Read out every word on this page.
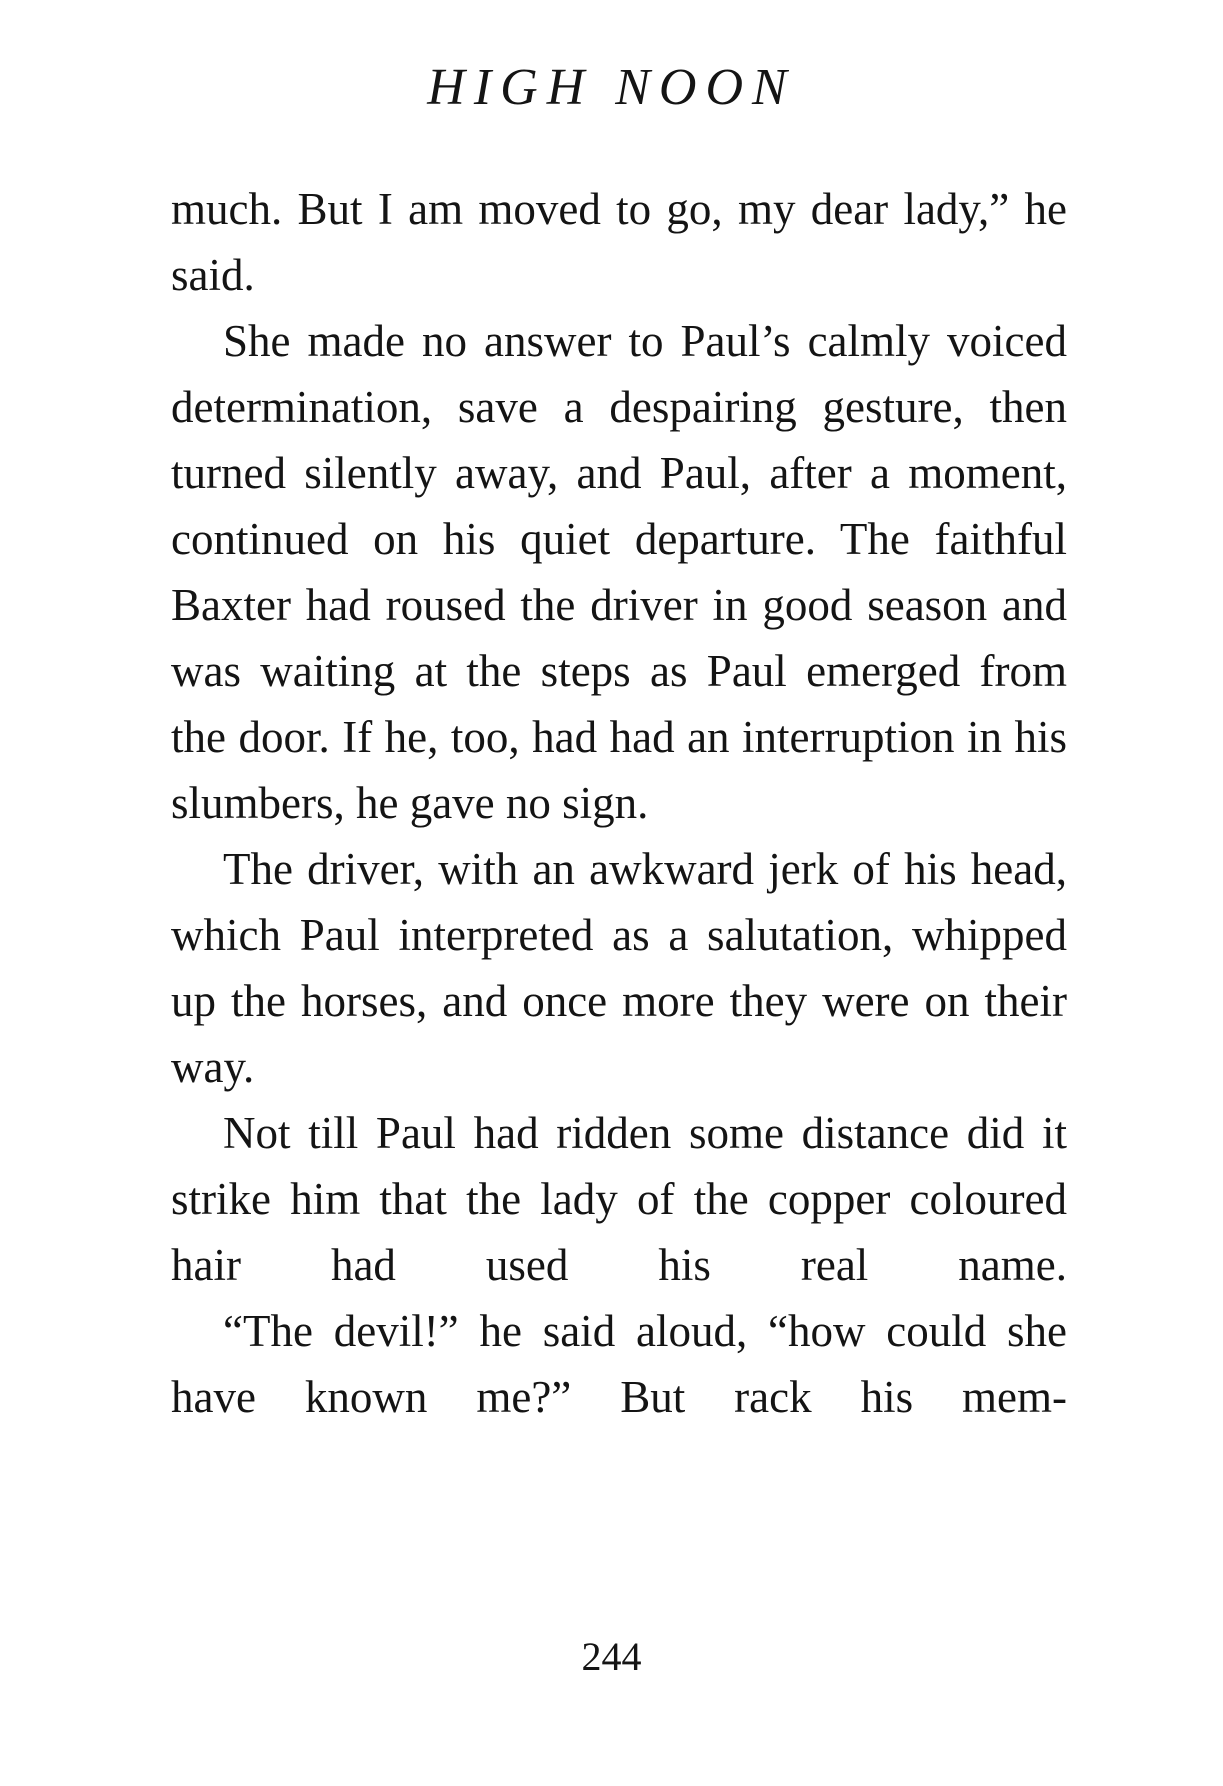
HIGH NOON

much. But I am moved to go, my dear lady,” he said.

She made no answer to Paul’s calmly voiced determination, save a despairing gesture, then turned silently away, and Paul, after a moment, continued on his quiet departure. The faithful Baxter had roused the driver in good season and was waiting at the steps as Paul emerged from the door. If he, too, had had an interruption in his slumbers, he gave no sign.

The driver, with an awkward jerk of his head, which Paul interpreted as a salutation, whipped up the horses, and once more they were on their way.

Not till Paul had ridden some distance did it strike him that the lady of the copper coloured hair had used his real name.

“The devil!” he said aloud, “how could she have known me?” But rack his mem-

244
